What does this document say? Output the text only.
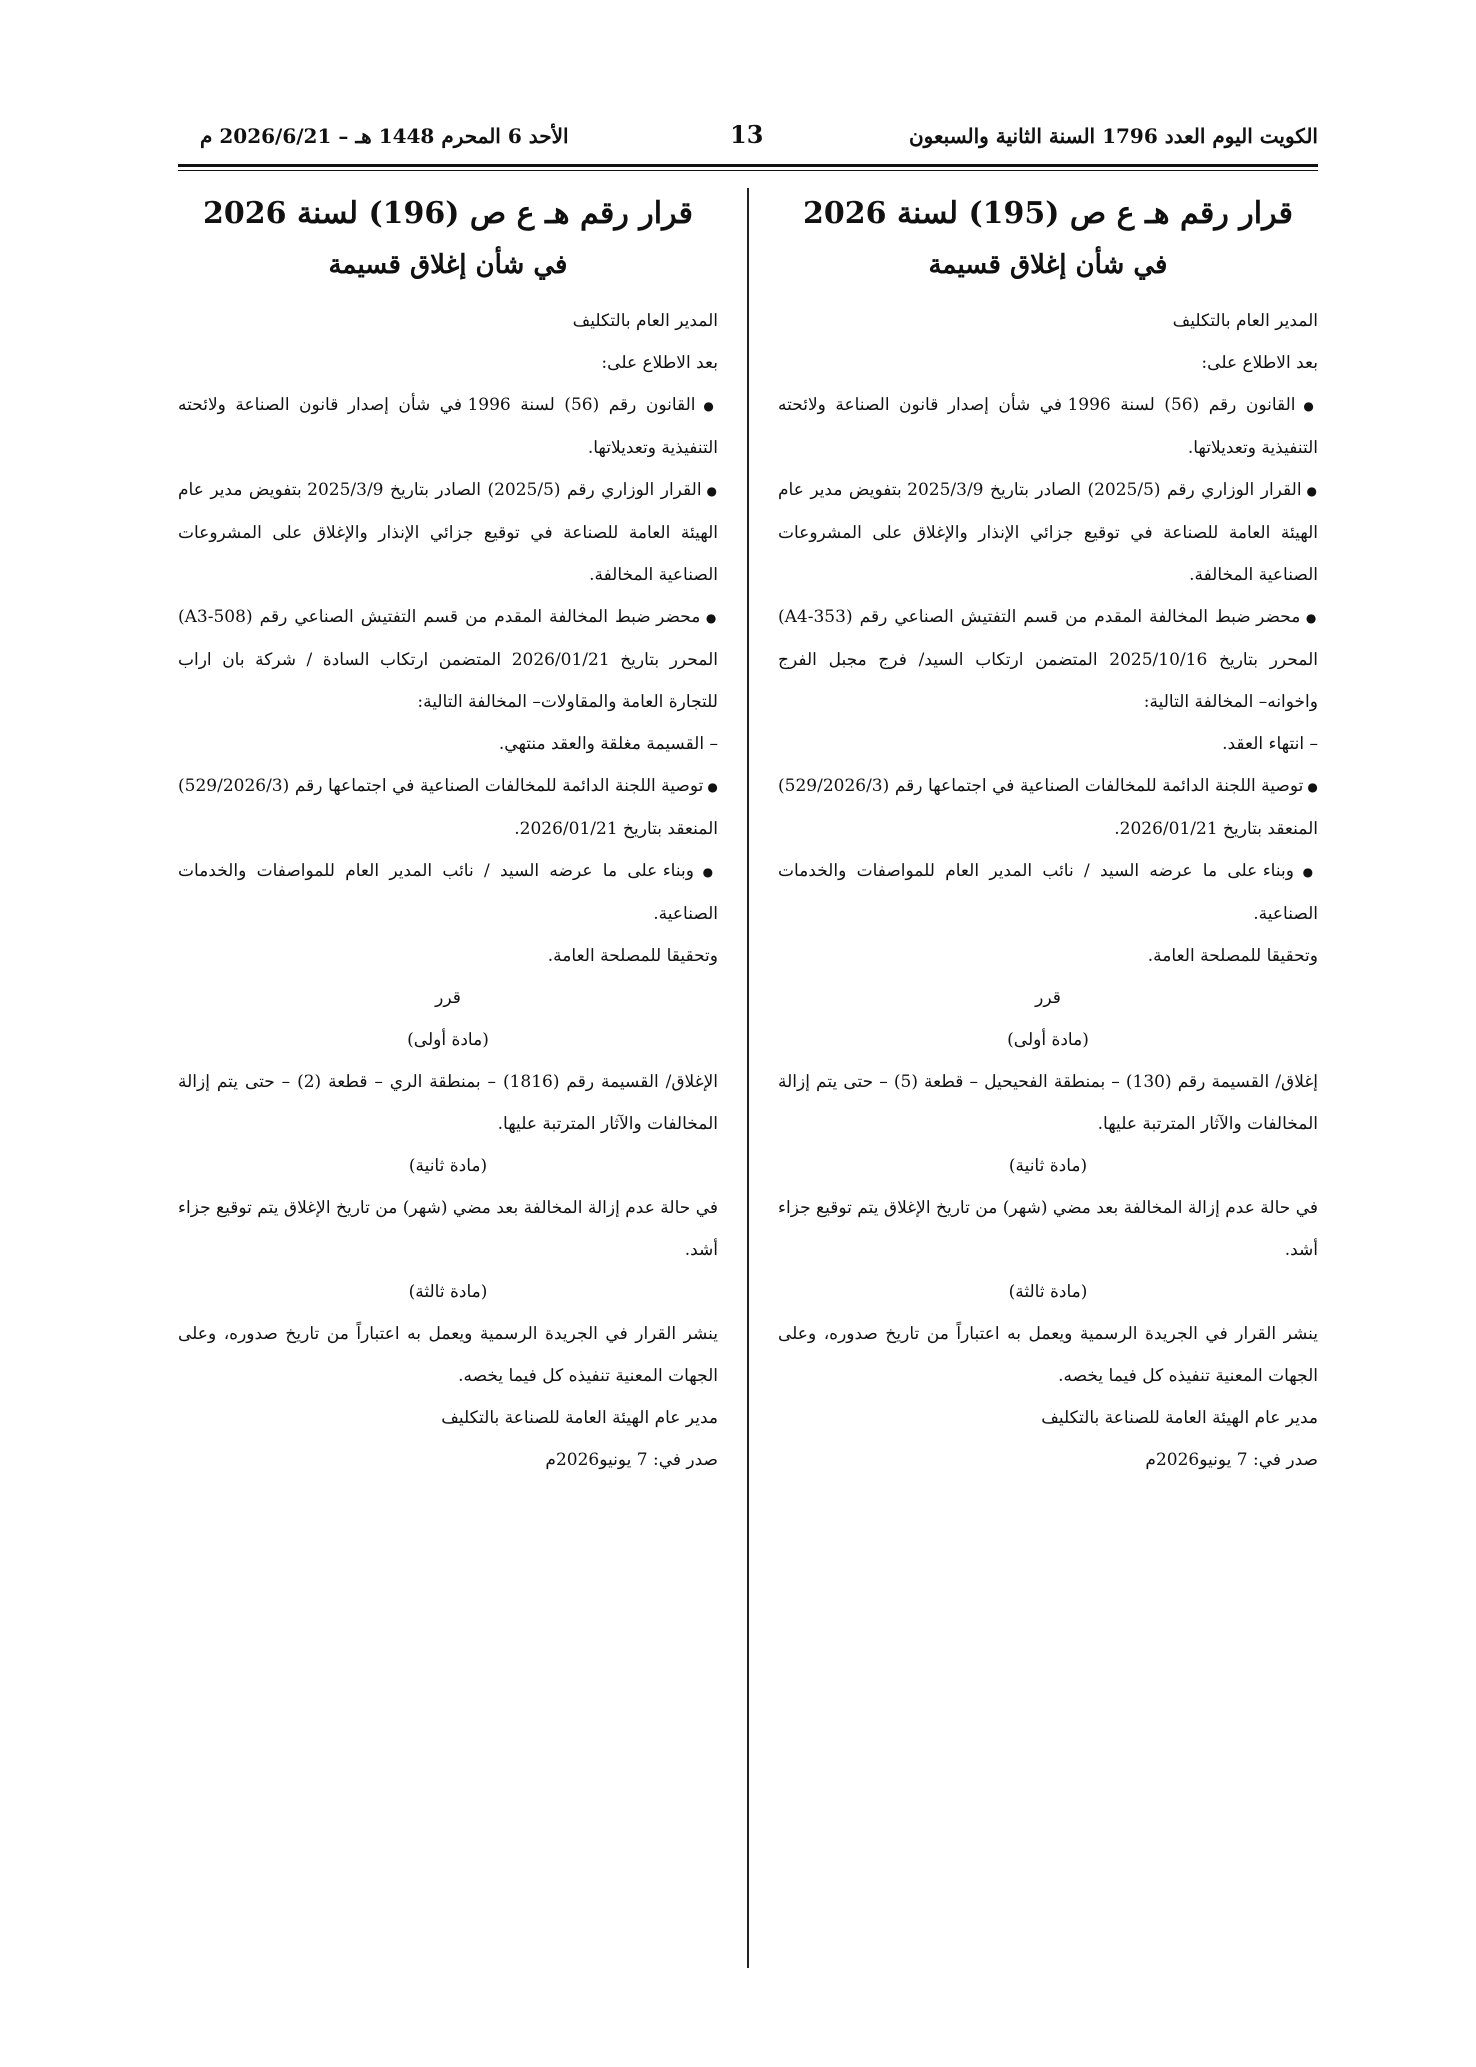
الكويت اليوم العدد 1796 السنة الثانية والسبعون
13
الأحد 6 المحرم 1448 هـ – 2026/6/21 م

قرار رقم هـ ع ص (195) لسنة 2026

في شأن إغلاق قسيمة

المدير العام بالتكليف

بعد الاطلاع على:

● القانون رقم (56) لسنة 1996 في شأن إصدار قانون الصناعة ولائحته التنفيذية وتعديلاتها.

● القرار الوزاري رقم (2025/5) الصادر بتاريخ 2025/3/9 بتفويض مدير عام الهيئة العامة للصناعة في توقيع جزائي الإنذار والإغلاق على المشروعات الصناعية المخالفة.

● محضر ضبط المخالفة المقدم من قسم التفتيش الصناعي رقم (A4-353) المحرر بتاريخ 2025/10/16 المتضمن ارتكاب السيد/ فرج مجبل الفرج واخوانه– المخالفة التالية:

– انتهاء العقد.

● توصية اللجنة الدائمة للمخالفات الصناعية في اجتماعها رقم (529/2026/3) المنعقد بتاريخ 2026/01/21.

● وبناء على ما عرضه السيد / نائب المدير العام للمواصفات والخدمات الصناعية.

وتحقيقا للمصلحة العامة.

قرر

(مادة أولى)

إغلاق/ القسيمة رقم (130) – بمنطقة الفحيحيل – قطعة (5) – حتى يتم إزالة المخالفات والآثار المترتبة عليها.

(مادة ثانية)

في حالة عدم إزالة المخالفة بعد مضي (شهر) من تاريخ الإغلاق يتم توقيع جزاء أشد.

(مادة ثالثة)

ينشر القرار في الجريدة الرسمية ويعمل به اعتباراً من تاريخ صدوره، وعلى الجهات المعنية تنفيذه كل فيما يخصه.

مدير عام الهيئة العامة للصناعة بالتكليف

صدر في: 7 يونيو2026م

قرار رقم هـ ع ص (196) لسنة 2026

في شأن إغلاق قسيمة

المدير العام بالتكليف

بعد الاطلاع على:

● القانون رقم (56) لسنة 1996 في شأن إصدار قانون الصناعة ولائحته التنفيذية وتعديلاتها.

● القرار الوزاري رقم (2025/5) الصادر بتاريخ 2025/3/9 بتفويض مدير عام الهيئة العامة للصناعة في توقيع جزائي الإنذار والإغلاق على المشروعات الصناعية المخالفة.

● محضر ضبط المخالفة المقدم من قسم التفتيش الصناعي رقم (A3-508) المحرر بتاريخ 2026/01/21 المتضمن ارتكاب السادة / شركة بان اراب للتجارة العامة والمقاولات– المخالفة التالية:

– القسيمة مغلقة والعقد منتهي.

● توصية اللجنة الدائمة للمخالفات الصناعية في اجتماعها رقم (529/2026/3) المنعقد بتاريخ 2026/01/21.

● وبناء على ما عرضه السيد / نائب المدير العام للمواصفات والخدمات الصناعية.

وتحقيقا للمصلحة العامة.

قرر

(مادة أولى)

الإغلاق/ القسيمة رقم (1816) – بمنطقة الري – قطعة (2) – حتى يتم إزالة المخالفات والآثار المترتبة عليها.

(مادة ثانية)

في حالة عدم إزالة المخالفة بعد مضي (شهر) من تاريخ الإغلاق يتم توقيع جزاء أشد.

(مادة ثالثة)

ينشر القرار في الجريدة الرسمية ويعمل به اعتباراً من تاريخ صدوره، وعلى الجهات المعنية تنفيذه كل فيما يخصه.

مدير عام الهيئة العامة للصناعة بالتكليف

صدر في: 7 يونيو2026م
